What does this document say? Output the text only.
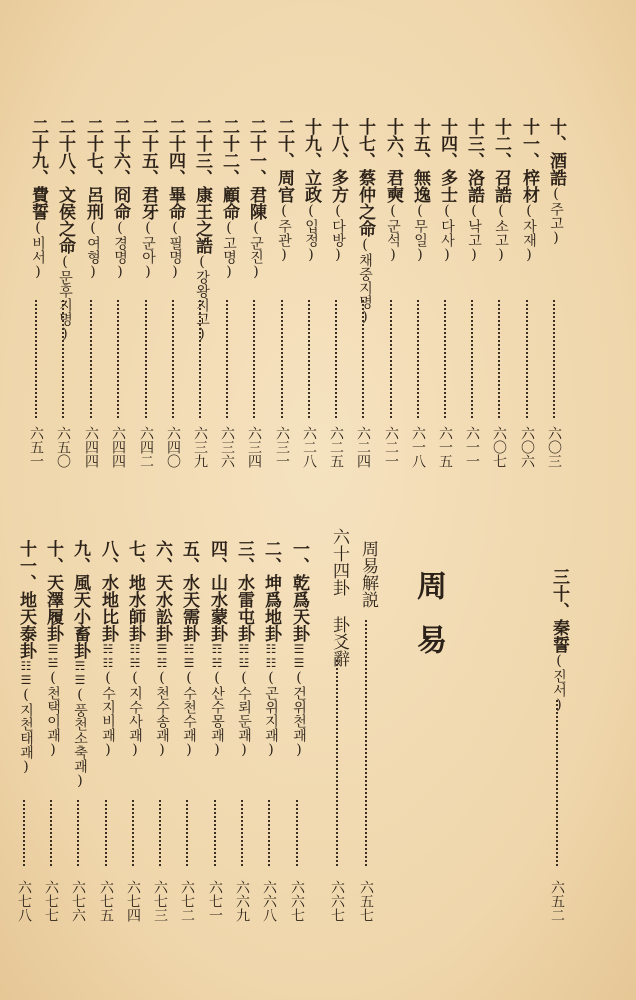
十、酒誥(주고)
六〇三
十一、梓材(자재)
六〇六
十二、召誥(소고)
六〇七
十三、洛誥(낙고)
六一一
十四、多士(다사)
六一五
十五、無逸(무일)
六一八
十六、君奭(군석)
六二一
十七、蔡仲之命(채중지명)
六二四
十八、多方(다방)
六二五
十九、立政(입정)
六二八
二十、周官(주관)
六三一
二十一、君陳(군진)
六三四
二十二、顧命(고명)
六三六
二十三、康王之誥(강왕지고)
六三九
二十四、畢命(필명)
六四〇
二十五、君牙(군아)
六四二
二十六、冏命(경명)
六四四
二十七、呂刑(여형)
六四四
二十八、文侯之命(문후지명)
六五〇
二十九、費誓(비서)
六五一
三十、秦誓(진서)
六五二
周易
周易解説
六五七
六十四卦 卦爻辭
六六七
一、乾爲天卦☰☰(건위천괘)
六六七
二、坤爲地卦☷☷(곤위지괘)
六六八
三、水雷屯卦☵☳(수뢰둔괘)
六六九
四、山水蒙卦☶☵(산수몽괘)
六七一
五、水天需卦☵☰(수천수괘)
六七二
六、天水訟卦☰☵(천수송괘)
六七三
七、地水師卦☷☵(지수사괘)
六七四
八、水地比卦☵☷(수지비괘)
六七五
九、風天小畜卦☴☰(풍천소축괘)
六七六
十、天澤履卦☰☱(천택이괘)
六七七
十一、地天泰卦☷☰(지천태괘)
六七八
